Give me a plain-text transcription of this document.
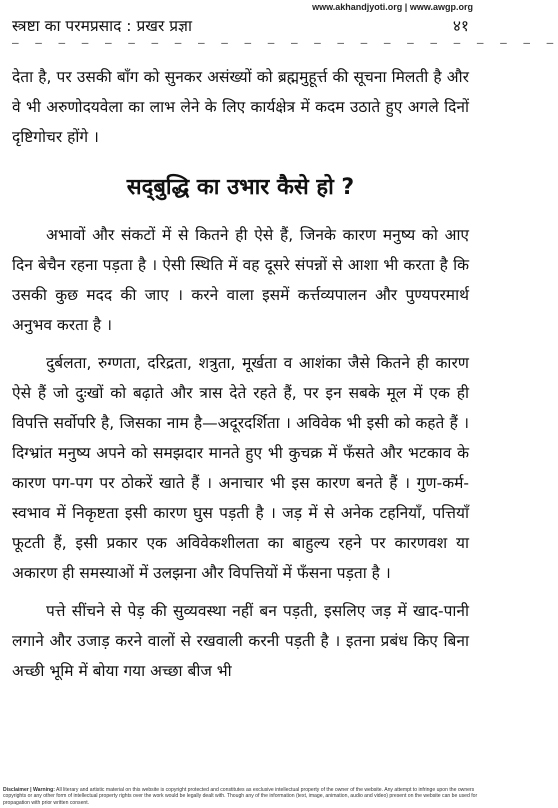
www.akhandjyoti.org | www.awgp.org
स्त्रष्टा का परमप्रसाद : प्रखर प्रज्ञा	४१
— — — — — — — — — — — — — — — — — — — — — — — —

देता है, पर उसकी बाँग को सुनकर असंख्यों को ब्रह्ममुहूर्त्त की सूचना मिलती है और वे भी अरुणोदयवेला का लाभ लेने के लिए कार्यक्षेत्र में कदम उठाते हुए अगले दिनों दृष्टिगोचर होंगे ।

सद्‌बुद्धि का उभार कैसे हो ?

अभावों और संकटों में से कितने ही ऐसे हैं, जिनके कारण मनुष्य को आए दिन बेचैन रहना पड़ता है । ऐसी स्थिति में वह दूसरे संपन्नों से आशा भी करता है कि उसकी कुछ मदद की जाए । करने वाला इसमें कर्त्तव्यपालन और पुण्यपरमार्थ अनुभव करता है ।

दुर्बलता, रुग्णता, दरिद्रता, शत्रुता, मूर्खता व आशंका जैसे कितने ही कारण ऐसे हैं जो दुःखों को बढ़ाते और त्रास देते रहते हैं, पर इन सबके मूल में एक ही विपत्ति सर्वोपरि है, जिसका नाम है—अदूरदर्शिता । अविवेक भी इसी को कहते हैं । दिग्भ्रांत मनुष्य अपने को समझदार मानते हुए भी कुचक्र में फँसते और भटकाव के कारण पग-पग पर ठोकरें खाते हैं । अनाचार भी इस कारण बनते हैं । गुण-कर्म-स्वभाव में निकृष्टता इसी कारण घुस पड़ती है । जड़ में से अनेक टहनियाँ, पत्तियाँ फूटती हैं, इसी प्रकार एक अविवेकशीलता का बाहुल्य रहने पर कारणवश या अकारण ही समस्याओं में उलझना और विपत्तियों में फँसना पड़ता है ।

पत्ते सींचने से पेड़ की सुव्यवस्था नहीं बन पड़ती, इसलिए जड़ में खाद-पानी लगाने और उजाड़ करने वालों से रखवाली करनी पड़ती है । इतना प्रबंध किए बिना अच्छी भूमि में बोया गया अच्छा बीज भी

Disclaimer | Warning: All literary and artistic material on this website is copyright protected and constitutes as exclusive intellectual property of the owner of the website. Any attempt to infringe upon the owners copyrights or any other form of intellectual property rights over the work would be legally dealt with. Though any of the information (text, image, animation, audio and video) present on the website can be used for propagation with prior written consent.
